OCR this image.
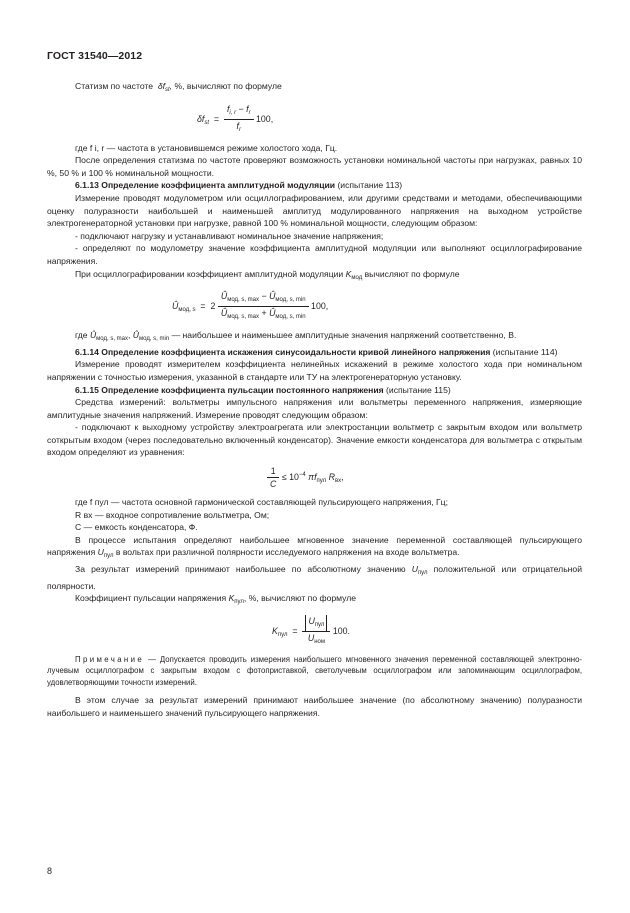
ГОСТ 31540—2012

Статизм по частоте  $\delta f_{st}$, %, вычисляют по формуле

$\delta f_{st} = \frac{f_{i, r} - f_r}{f_r} 100$,

где f i, r — частота в установившемся режиме холостого хода, Гц.

После определения статизма по частоте проверяют возможность установки номинальной частоты при нагрузках, равных 10 %, 50 % и 100 % номинальной мощности.

6.1.13 Определение коэффициента амплитудной модуляции (испытание 113)

Измерение проводят модулометром или осциллографированием, или другими средствами и методами, обеспечивающими оценку полуразности наибольшей и наименьшей амплитуд модулированного напряжения на выходном устройстве электрогенераторной установки при нагрузке, равной 100 % номинальной мощности, следующим образом:

- подключают нагрузку и устанавливают номинальное значение напряжения;

- определяют по модулометру значение коэффициента амплитудной модуляции или выполняют осциллографирование напряжения.

При осциллографировании коэффициент амплитудной модуляции $K_{мод}$ вычисляют по формуле

$Û_{мод, s} = 2 \frac{Û_{мод, s, max} - Û_{мод, s, min}}{Û_{мод, s, max} + Û_{мод, s, min}} 100$,

где $Û_{мод, s, max}$, $Û_{мод, s, min}$ — наибольшее и наименьшее амплитудные значения напряжений соответственно, В.

6.1.14 Определение коэффициента искажения синусоидальности кривой линейного напряжения (испытание 114)

Измерение проводят измерителем коэффициента нелинейных искажений в режиме холостого хода при номинальном напряжении с точностью измерения, указанной в стандарте или ТУ на электрогенераторную установку.

6.1.15 Определение коэффициента пульсации постоянного напряжения (испытание 115)

Средства измерений: вольтметры импульсного напряжения или вольтметры переменного напряжения, измеряющие амплитудные значения напряжений. Измерение проводят следующим образом:

- подключают к выходному устройству электроагрегата или электростанции вольтметр с закрытым входом или вольтметр соткрытым входом (через последовательно включенный конденсатор). Значение емкости конденсатора для вольтметра с открытым входом определяют из уравнения:

$\frac{1}{C} \le 10^{-4}$ $\pi f_{пул}$ $R_{вх}$,

где f пул — частота основной гармонической составляющей пульсирующего напряжения, Гц;

R вх — входное сопротивление вольтметра, Ом;

C — емкость конденсатора, Ф.

В процессе испытания определяют наибольшее мгновенное значение переменной составляющей пульсирующего напряжения $U_{пул}$ в вольтах при различной полярности исследуемого напряжения на входе вольтметра.

За результат измерений принимают наибольшее по абсолютному значению $U_{пул}$ положительной или отрицательной полярности.

Коэффициент пульсации напряжения $K_{пул}$, %, вычисляют по формуле

$K_{пул} = \frac{U_{пул}}{U_{ном}} 100$.

Примечание — Допускается проводить измерения наибольшего мгновенного значения переменной составляющей электронно-лучевым осциллографом с закрытым входом с фотоприставкой, светолучевым осциллографом или запоминающим осциллографом, удовлетворяющими точности измерений.

В этом случае за результат измерений принимают наибольшее значение (по абсолютному значению) полуразности наибольшего и наименьшего значений пульсирующего напряжения.

8
